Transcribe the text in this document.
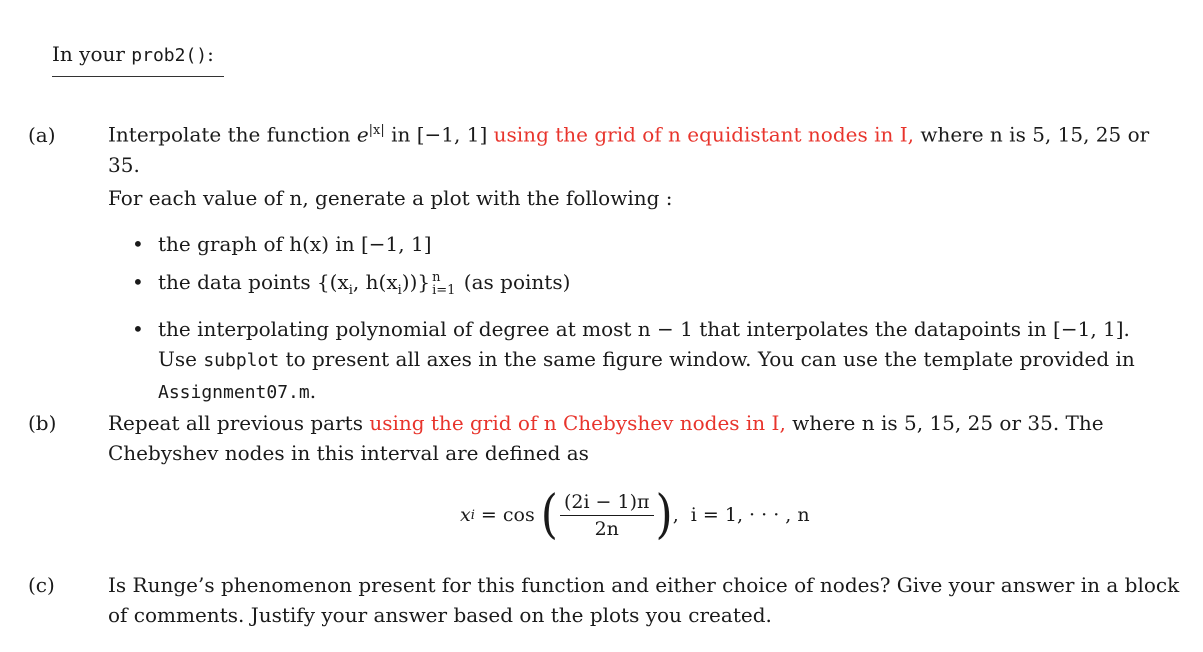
In your prob2():
(a)	Interpolate the function $e^{|x|}$ in [−1, 1] using the grid of n equidistant nodes in I, where n is 5, 15, 25 or 35.
For each value of n, generate a plot with the following :
• the graph of h(x) in [−1, 1]
• the data points {($x_i$, $h(x_i)$)} n
i=1 (as points)
• the interpolating polynomial of degree at most n − 1 that interpolates the datapoints in [−1, 1]. Use subplot to present all axes in the same figure window. You can use the template provided in Assignment07.m.
(b)	Repeat all previous parts using the grid of n Chebyshev nodes in I, where n is 5, 15, 25 or 35. The Chebyshev nodes in this interval are defined as
x i = cos ( $\frac{(2i - 1)\pi}{2n}$ ) ,  i = 1, · · · , n
(c)	Is Runge’s phenomenon present for this function and either choice of nodes? Give your answer in a block of comments. Justify your answer based on the plots you created.
